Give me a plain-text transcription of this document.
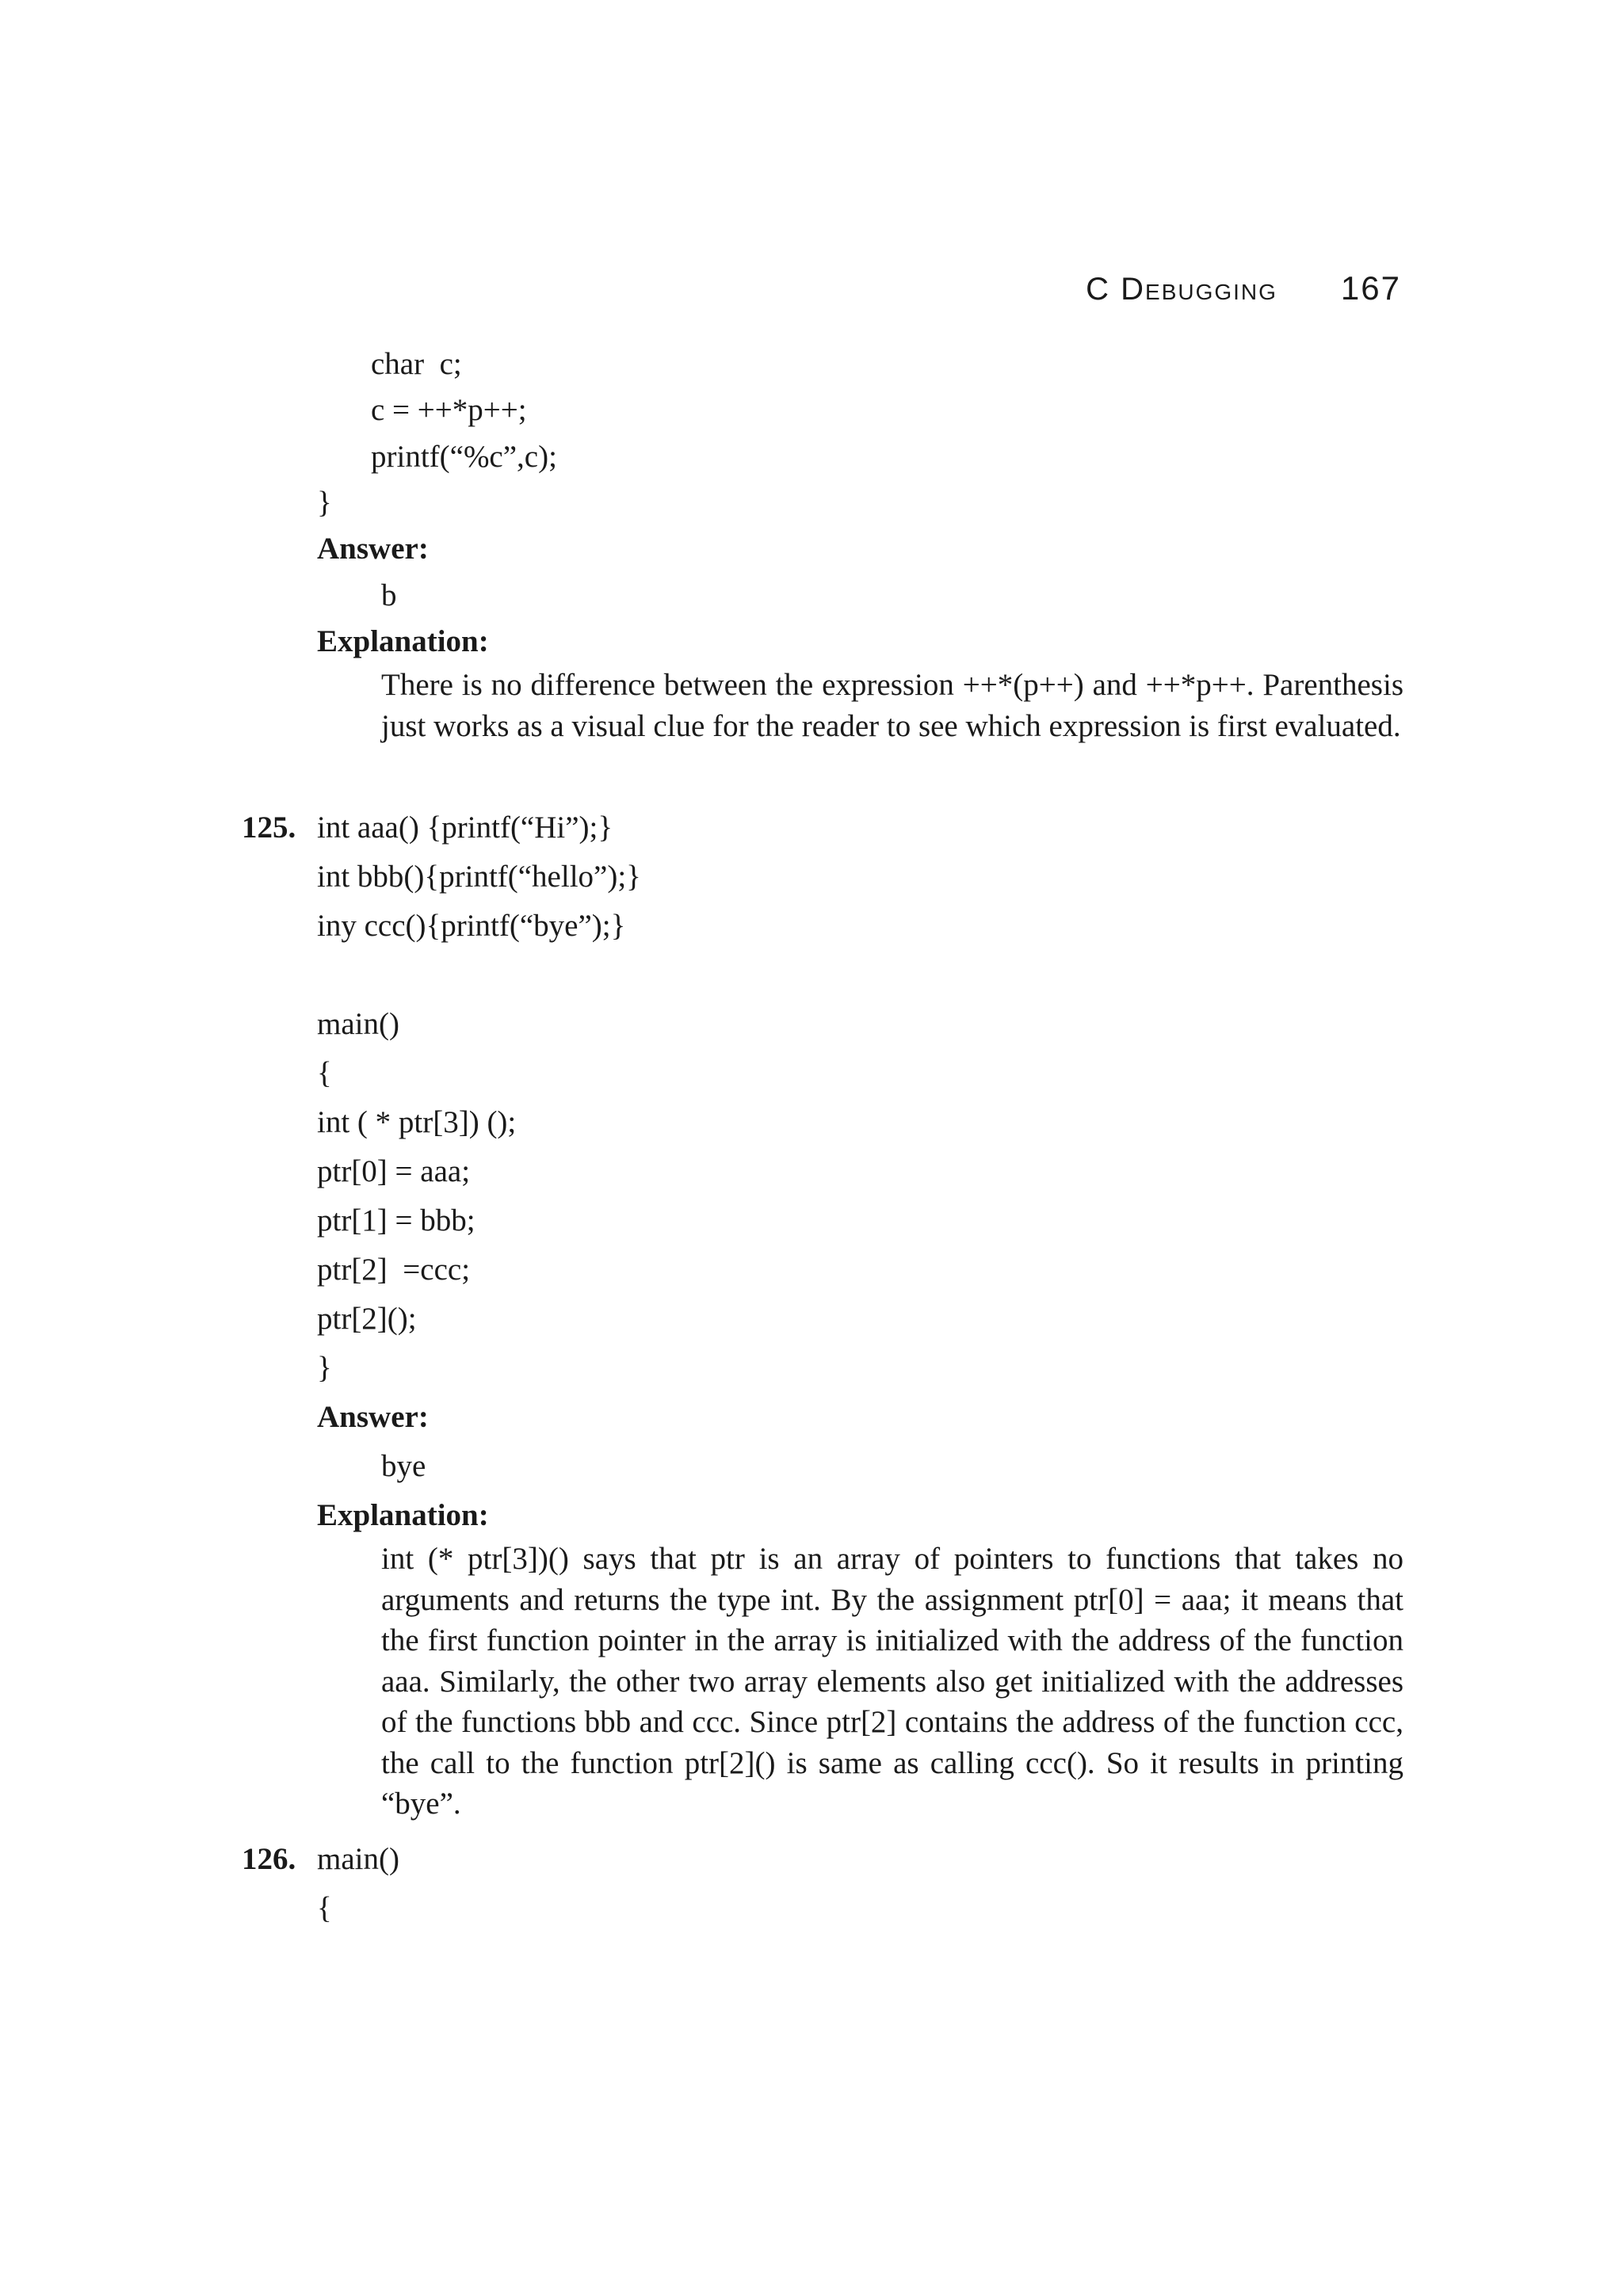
C Debugging 167
char  c;
c = ++*p++;
printf(“%c”,c);
}
Answer:
b
Explanation:
There is no difference between the expression ++*(p++) and ++*p++. Parenthesis just works as a visual clue for the reader to see which expression is first evaluated.
125. int aaa() {printf(“Hi”);}
int bbb(){printf(“hello”);}
iny ccc(){printf(“bye”);}
main()
{
int ( * ptr[3]) ();
ptr[0] = aaa;
ptr[1] = bbb;
ptr[2]  =ccc;
ptr[2]();
}
Answer:
bye
Explanation:
int (* ptr[3])() says that ptr is an array of pointers to functions that takes no arguments and returns the type int. By the assignment ptr[0] = aaa; it means that the first function pointer in the array is initialized with the address of the function aaa. Similarly, the other two array elements also get initialized with the addresses of the functions bbb and ccc. Since ptr[2] contains the address of the function ccc, the call to the function ptr[2]() is same as calling ccc(). So it results in printing “bye”.
126. main()
{
